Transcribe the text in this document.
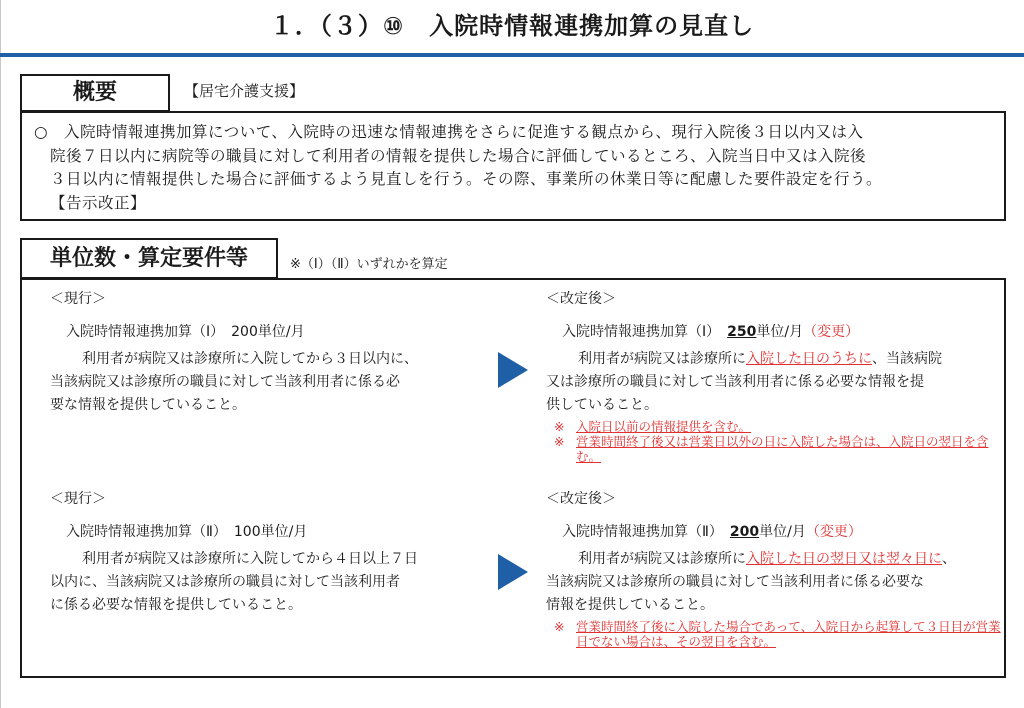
１．（３）⑩　入院時情報連携加算の見直し
概要	【居宅介護支援】
○　 入院時情報連携加算について、入院時の迅速な情報連携をさらに促進する観点から、現行入院後３日以内又は入
院後７日以内に病院等の職員に対して利用者の情報を提供した場合に評価しているところ、入院当日中又は入院後
３日以内に情報提供した場合に評価するよう見直しを行う。その際、事業所の休業日等に配慮した要件設定を行う。
【告示改正】
単位数・算定要件等	※（Ⅰ）（Ⅱ）いずれかを算定
＜現行＞
入院時情報連携加算（Ⅰ）　200単位/月
利用者が病院又は診療所に入院してから３日以内に、
当該病院又は診療所の職員に対して当該利用者に係る必
要な情報を提供していること。
＜改定後＞
入院時情報連携加算（Ⅰ）　250単位/月（変更）
利用者が病院又は診療所に入院した日のうちに、当該病院
又は診療所の職員に対して当該利用者に係る必要な情報を提
供していること。
※ 入院日以前の情報提供を含む。
※ 営業時間終了後又は営業日以外の日に入院した場合は、入院日の翌日を含む。
＜現行＞
入院時情報連携加算（Ⅱ）　100単位/月
利用者が病院又は診療所に入院してから４日以上７日
以内に、当該病院又は診療所の職員に対して当該利用者
に係る必要な情報を提供していること。
＜改定後＞
入院時情報連携加算（Ⅱ）　200単位/月（変更）
利用者が病院又は診療所に入院した日の翌日又は翌々日に、
当該病院又は診療所の職員に対して当該利用者に係る必要な
情報を提供していること。
※ 営業時間終了後に入院した場合であって、入院日から起算して３日目が営業日でない場合は、その翌日を含む。
